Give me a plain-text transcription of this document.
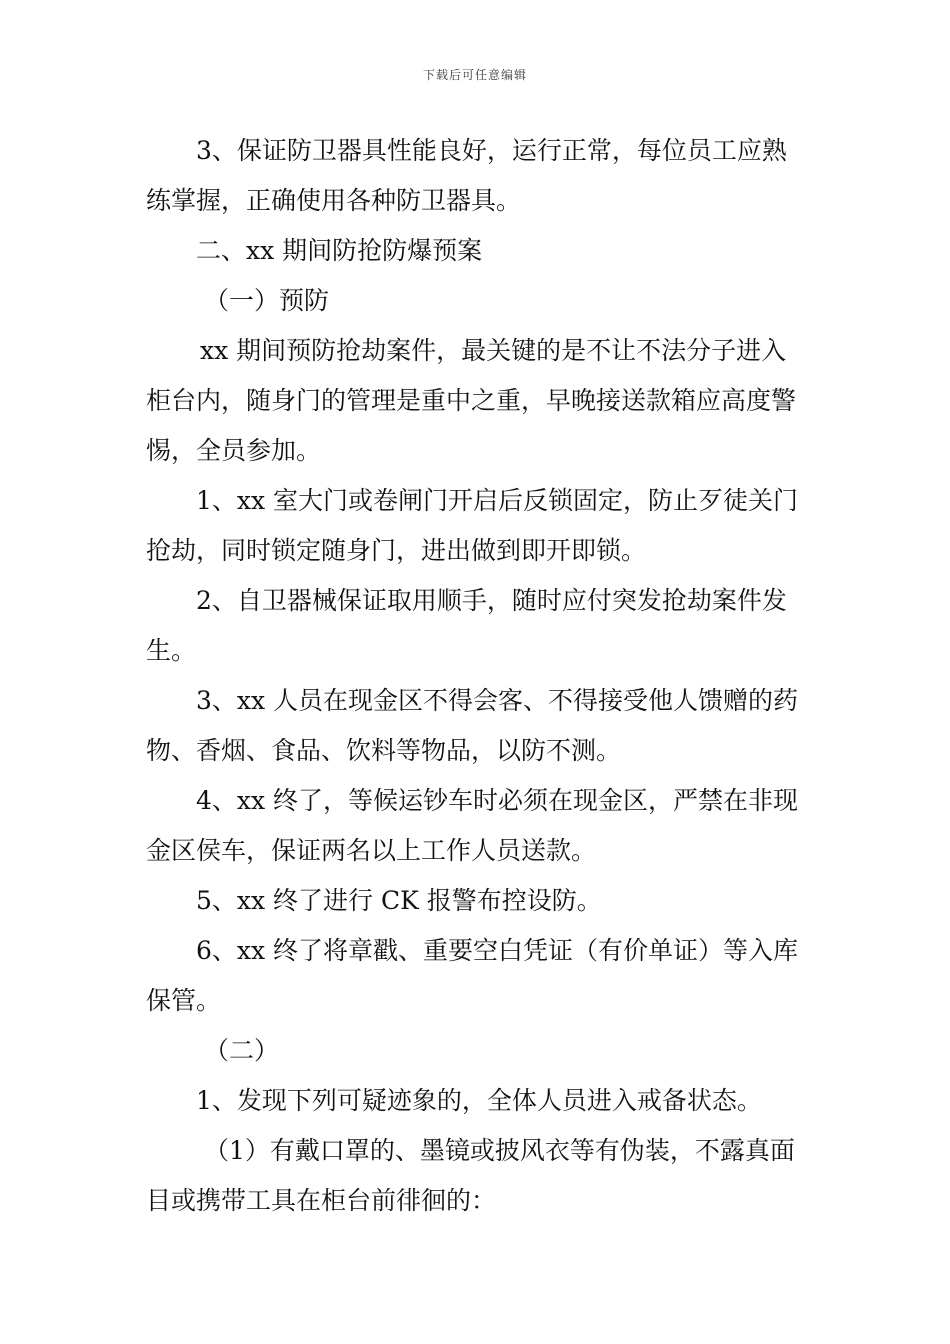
下载后可任意编辑

3、保证防卫器具性能良好，运行正常，每位员工应熟练掌握，正确使用各种防卫器具。

二、xx 期间防抢防爆预案

（一）预防

xx 期间预防抢劫案件，最关键的是不让不法分子进入柜台内，随身门的管理是重中之重，早晚接送款箱应高度警惕，全员参加。

1、xx 室大门或卷闸门开启后反锁固定，防止歹徒关门抢劫，同时锁定随身门，进出做到即开即锁。

2、自卫器械保证取用顺手，随时应付突发抢劫案件发生。

3、xx 人员在现金区不得会客、不得接受他人馈赠的药物、香烟、食品、饮料等物品，以防不测。

4、xx 终了，等候运钞车时必须在现金区，严禁在非现金区侯车，保证两名以上工作人员送款。

5、xx 终了进行 CK 报警布控设防。

6、xx 终了将章戳、重要空白凭证（有价单证）等入库保管。

（二）

1、发现下列可疑迹象的，全体人员进入戒备状态。

（1）有戴口罩的、墨镜或披风衣等有伪装，不露真面目或携带工具在柜台前徘徊的：
